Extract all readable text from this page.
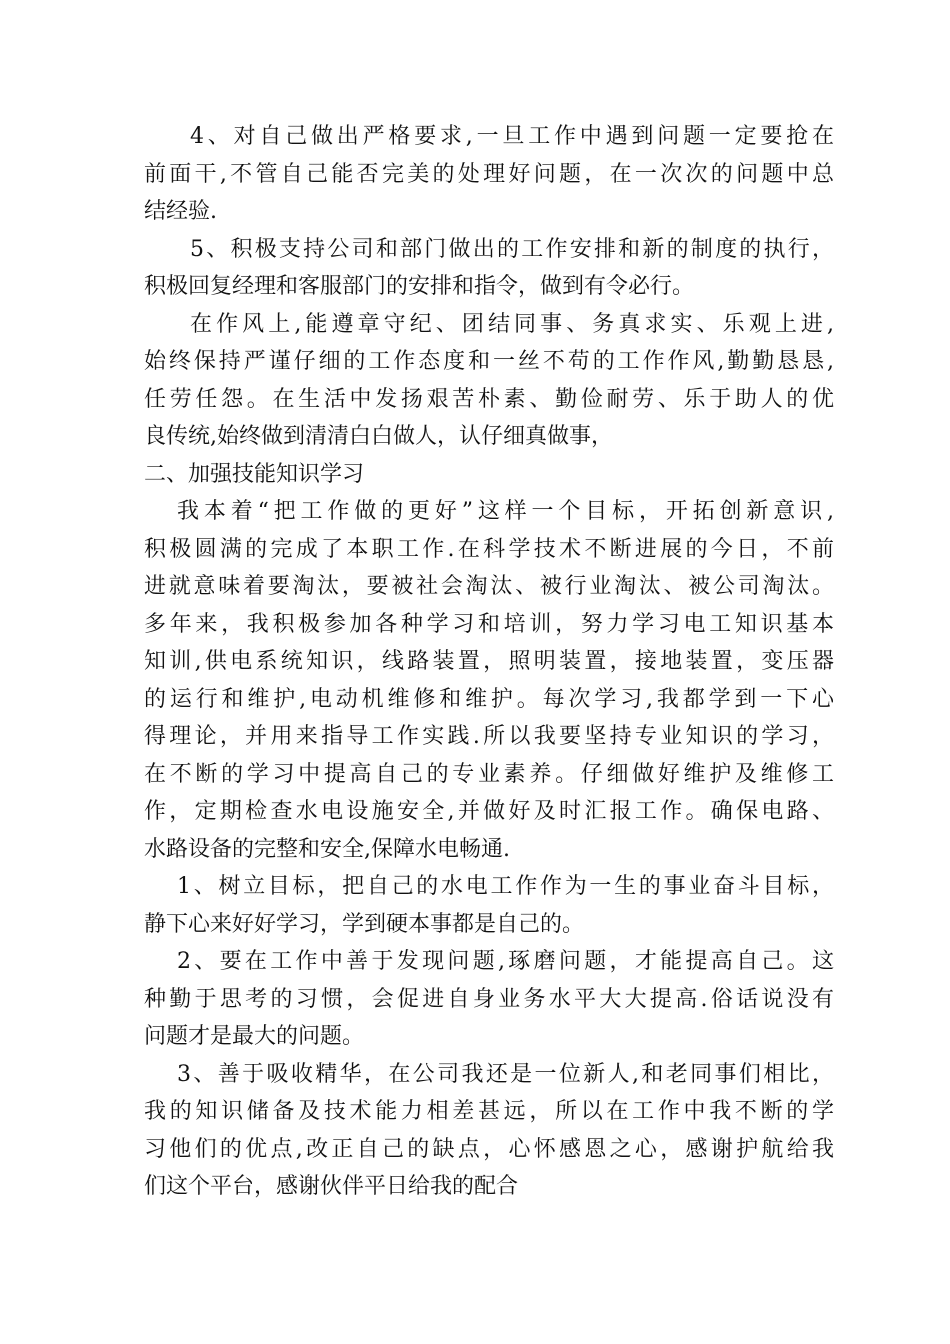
4、对自己做出严格要求,一旦工作中遇到问题一定要抢在
前面干,不管自己能否完美的处理好问题，在一次次的问题中总
结经验.
5、积极支持公司和部门做出的工作安排和新的制度的执行，
积极回复经理和客服部门的安排和指令，做到有令必行。
在作风上,能遵章守纪、团结同事、务真求实、乐观上进,
始终保持严谨仔细的工作态度和一丝不苟的工作作风,勤勤恳恳,
任劳任怨。在生活中发扬艰苦朴素、勤俭耐劳、乐于助人的优
良传统,始终做到清清白白做人，认仔细真做事，
二、加强技能知识学习
我本着“把工作做的更好”这样一个目标，开拓创新意识,
积极圆满的完成了本职工作.在科学技术不断进展的今日，不前
进就意味着要淘汰，要被社会淘汰、被行业淘汰、被公司淘汰。
多年来，我积极参加各种学习和培训，努力学习电工知识基本
知训,供电系统知识，线路装置，照明装置，接地装置，变压器
的运行和维护,电动机维修和维护。每次学习,我都学到一下心
得理论，并用来指导工作实践.所以我要坚持专业知识的学习，
在不断的学习中提高自己的专业素养。仔细做好维护及维修工
作，定期检查水电设施安全,并做好及时汇报工作。确保电路、
水路设备的完整和安全,保障水电畅通.
1、树立目标，把自己的水电工作作为一生的事业奋斗目标，
静下心来好好学习，学到硬本事都是自己的。
2、要在工作中善于发现问题,琢磨问题，才能提高自己。这
种勤于思考的习惯，会促进自身业务水平大大提高.俗话说没有
问题才是最大的问题。
3、善于吸收精华，在公司我还是一位新人,和老同事们相比，
我的知识储备及技术能力相差甚远，所以在工作中我不断的学
习他们的优点,改正自己的缺点，心怀感恩之心，感谢护航给我
们这个平台，感谢伙伴平日给我的配合
